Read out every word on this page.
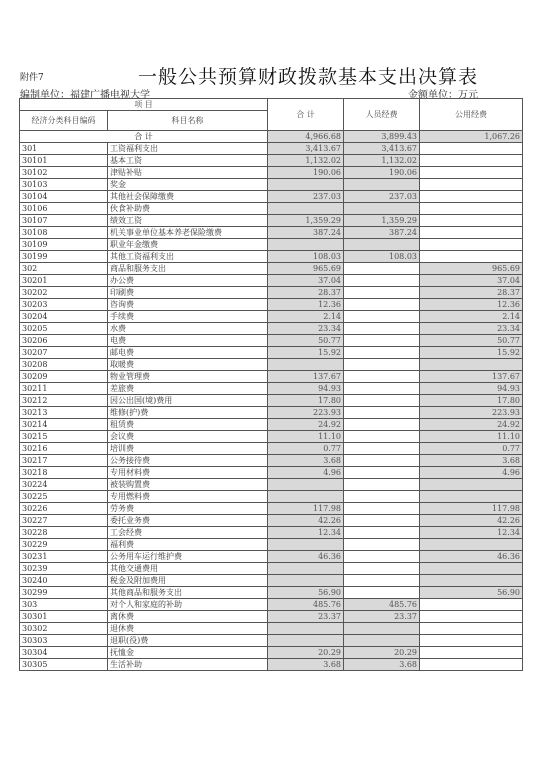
附件7	一般公共预算财政拨款基本支出决算表
编制单位：福建广播电视大学	金额单位：万元
项 目		合 计	人员经费	公用经费
经济分类科目编码	科目名称			
合 计		4,966.68	3,899.43	1,067.26
301	工资福利支出	3,413.67	3,413.67	
30101	基本工资	1,132.02	1,132.02	
30102	津贴补贴	190.06	190.06	
30103	奖金			
30104	其他社会保障缴费	237.03	237.03	
30106	伙食补助费			
30107	绩效工资	1,359.29	1,359.29	
30108	机关事业单位基本养老保险缴费	387.24	387.24	
30109	职业年金缴费			
30199	其他工资福利支出	108.03	108.03	
302	商品和服务支出	965.69		965.69
30201	办公费	37.04		37.04
30202	印刷费	28.37		28.37
30203	咨询费	12.36		12.36
30204	手续费	2.14		2.14
30205	水费	23.34		23.34
30206	电费	50.77		50.77
30207	邮电费	15.92		15.92
30208	取暖费			
30209	物业管理费	137.67		137.67
30211	差旅费	94.93		94.93
30212	因公出国(境)费用	17.80		17.80
30213	维修(护)费	223.93		223.93
30214	租赁费	24.92		24.92
30215	会议费	11.10		11.10
30216	培训费	0.77		0.77
30217	公务接待费	3.68		3.68
30218	专用材料费	4.96		4.96
30224	被装购置费			
30225	专用燃料费			
30226	劳务费	117.98		117.98
30227	委托业务费	42.26		42.26
30228	工会经费	12.34		12.34
30229	福利费			
30231	公务用车运行维护费	46.36		46.36
30239	其他交通费用			
30240	税金及附加费用			
30299	其他商品和服务支出	56.90		56.90
303	对个人和家庭的补助	485.76	485.76	
30301	离休费	23.37	23.37	
30302	退休费			
30303	退职(役)费			
30304	抚恤金	20.29	20.29	
30305	生活补助	3.68	3.68	
